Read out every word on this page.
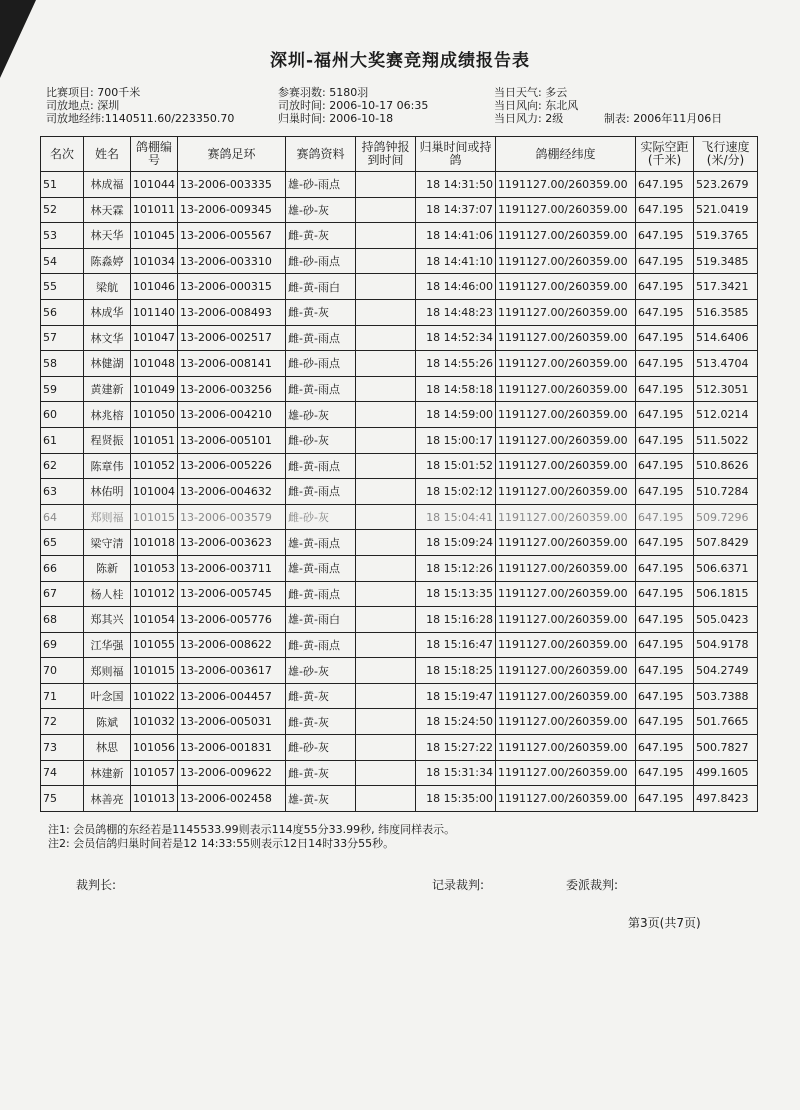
深圳-福州大奖赛竞翔成绩报告表
比赛项目: 700千米	参赛羽数: 5180羽	当日天气: 多云
司放地点: 深圳	司放时间: 2006-10-17 06:35	当日风向: 东北风
司放地经纬:1140511.60/223350.70	归巢时间: 2006-10-18	当日风力: 2级	制表: 2006年11月06日
名次	姓名	鸽棚编号	赛鸽足环	赛鸽资料	持鸽钟报到时间	归巢时间或持鸽	鸽棚经纬度	实际空距(千米)	飞行速度(米/分)
51	林成福	101044	13-2006-003335	雄-砂-雨点		18 14:31:50	1191127.00/260359.00	647.195	523.2679
52	林天霖	101011	13-2006-009345	雄-砂-灰		18 14:37:07	1191127.00/260359.00	647.195	521.0419
53	林天华	101045	13-2006-005567	雌-黄-灰		18 14:41:06	1191127.00/260359.00	647.195	519.3765
54	陈淼婷	101034	13-2006-003310	雌-砂-雨点		18 14:41:10	1191127.00/260359.00	647.195	519.3485
55	梁航	101046	13-2006-000315	雌-黄-雨白		18 14:46:00	1191127.00/260359.00	647.195	517.3421
56	林成华	101140	13-2006-008493	雌-黄-灰		18 14:48:23	1191127.00/260359.00	647.195	516.3585
57	林文华	101047	13-2006-002517	雌-黄-雨点		18 14:52:34	1191127.00/260359.00	647.195	514.6406
58	林健湖	101048	13-2006-008141	雌-砂-雨点		18 14:55:26	1191127.00/260359.00	647.195	513.4704
59	黄建新	101049	13-2006-003256	雌-黄-雨点		18 14:58:18	1191127.00/260359.00	647.195	512.3051
60	林兆榕	101050	13-2006-004210	雄-砂-灰		18 14:59:00	1191127.00/260359.00	647.195	512.0214
61	程贤振	101051	13-2006-005101	雌-砂-灰		18 15:00:17	1191127.00/260359.00	647.195	511.5022
62	陈章伟	101052	13-2006-005226	雌-黄-雨点		18 15:01:52	1191127.00/260359.00	647.195	510.8626
63	林佑明	101004	13-2006-004632	雌-黄-雨点		18 15:02:12	1191127.00/260359.00	647.195	510.7284
64	郑则福	101015	13-2006-003579	雌-砂-灰		18 15:04:41	1191127.00/260359.00	647.195	509.7296
65	梁守清	101018	13-2006-003623	雄-黄-雨点		18 15:09:24	1191127.00/260359.00	647.195	507.8429
66	陈新	101053	13-2006-003711	雄-黄-雨点		18 15:12:26	1191127.00/260359.00	647.195	506.6371
67	杨人桂	101012	13-2006-005745	雌-黄-雨点		18 15:13:35	1191127.00/260359.00	647.195	506.1815
68	郑其兴	101054	13-2006-005776	雄-黄-雨白		18 15:16:28	1191127.00/260359.00	647.195	505.0423
69	江华强	101055	13-2006-008622	雌-黄-雨点		18 15:16:47	1191127.00/260359.00	647.195	504.9178
70	郑则福	101015	13-2006-003617	雄-砂-灰		18 15:18:25	1191127.00/260359.00	647.195	504.2749
71	叶念国	101022	13-2006-004457	雌-黄-灰		18 15:19:47	1191127.00/260359.00	647.195	503.7388
72	陈斌	101032	13-2006-005031	雌-黄-灰		18 15:24:50	1191127.00/260359.00	647.195	501.7665
73	林思	101056	13-2006-001831	雌-砂-灰		18 15:27:22	1191127.00/260359.00	647.195	500.7827
74	林建新	101057	13-2006-009622	雌-黄-灰		18 15:31:34	1191127.00/260359.00	647.195	499.1605
75	林善亮	101013	13-2006-002458	雄-黄-灰		18 15:35:00	1191127.00/260359.00	647.195	497.8423
注1: 会员鸽棚的东经若是1145533.99则表示114度55分33.99秒, 纬度同样表示。
注2: 会员信鸽归巢时间若是12 14:33:55则表示12日14时33分55秒。
裁判长:	记录裁判:	委派裁判:
第3页(共7页)
